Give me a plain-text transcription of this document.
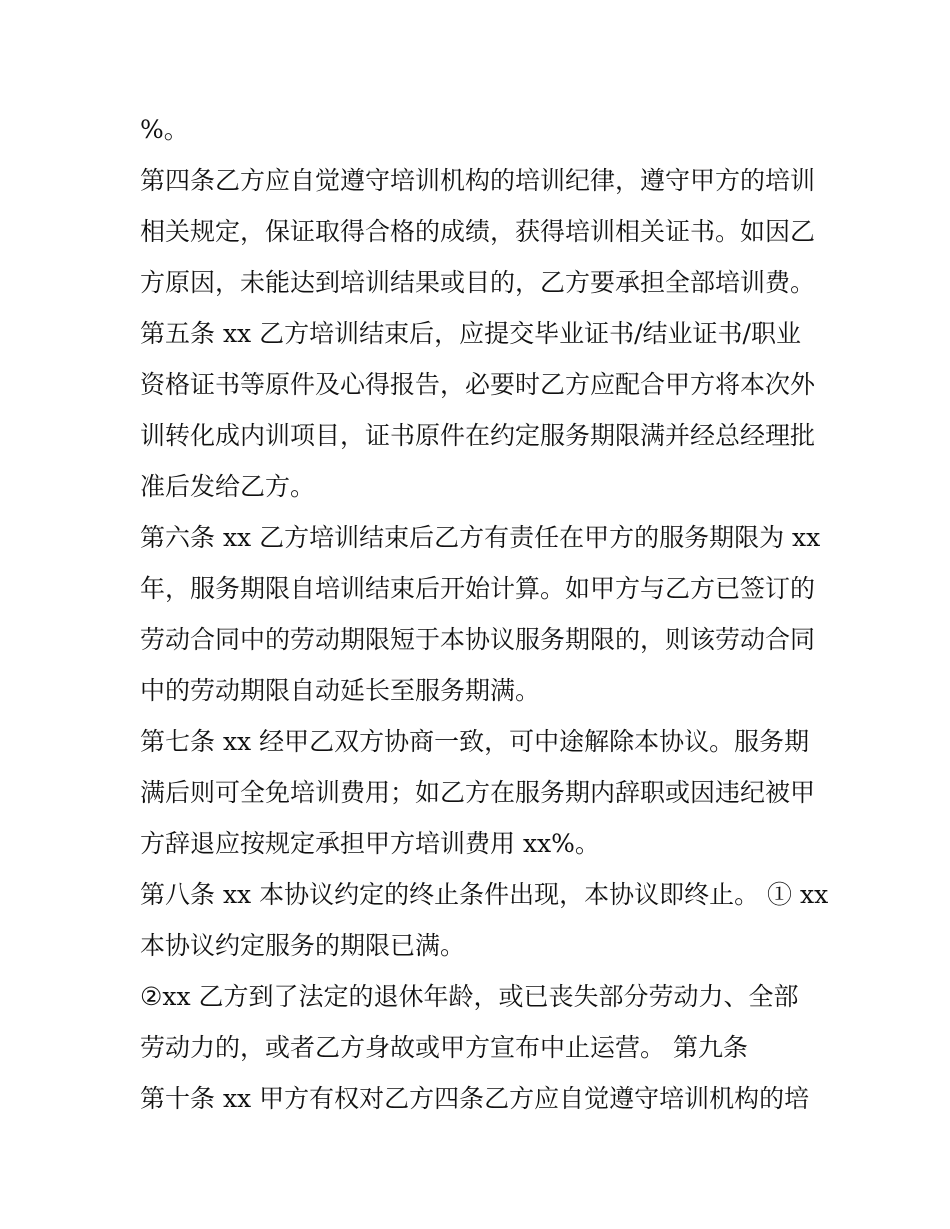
%。
第四条乙方应自觉遵守培训机构的培训纪律，遵守甲方的培训
相关规定，保证取得合格的成绩，获得培训相关证书。如因乙
方原因，未能达到培训结果或目的，乙方要承担全部培训费。
第五条 xx 乙方培训结束后，应提交毕业证书/结业证书/职业
资格证书等原件及心得报告，必要时乙方应配合甲方将本次外
训转化成内训项目，证书原件在约定服务期限满并经总经理批
准后发给乙方。
第六条 xx 乙方培训结束后乙方有责任在甲方的服务期限为 xx
年，服务期限自培训结束后开始计算。如甲方与乙方已签订的
劳动合同中的劳动期限短于本协议服务期限的，则该劳动合同
中的劳动期限自动延长至服务期满。
第七条 xx 经甲乙双方协商一致，可中途解除本协议。服务期
满后则可全免培训费用；如乙方在服务期内辞职或因违纪被甲
方辞退应按规定承担甲方培训费用 xx%。
第八条 xx 本协议约定的终止条件出现，本协议即终止。 ① xx
本协议约定服务的期限已满。
②xx 乙方到了法定的退休年龄，或已丧失部分劳动力、全部
劳动力的，或者乙方身故或甲方宣布中止运营。 第九条
第十条 xx 甲方有权对乙方四条乙方应自觉遵守培训机构的培
